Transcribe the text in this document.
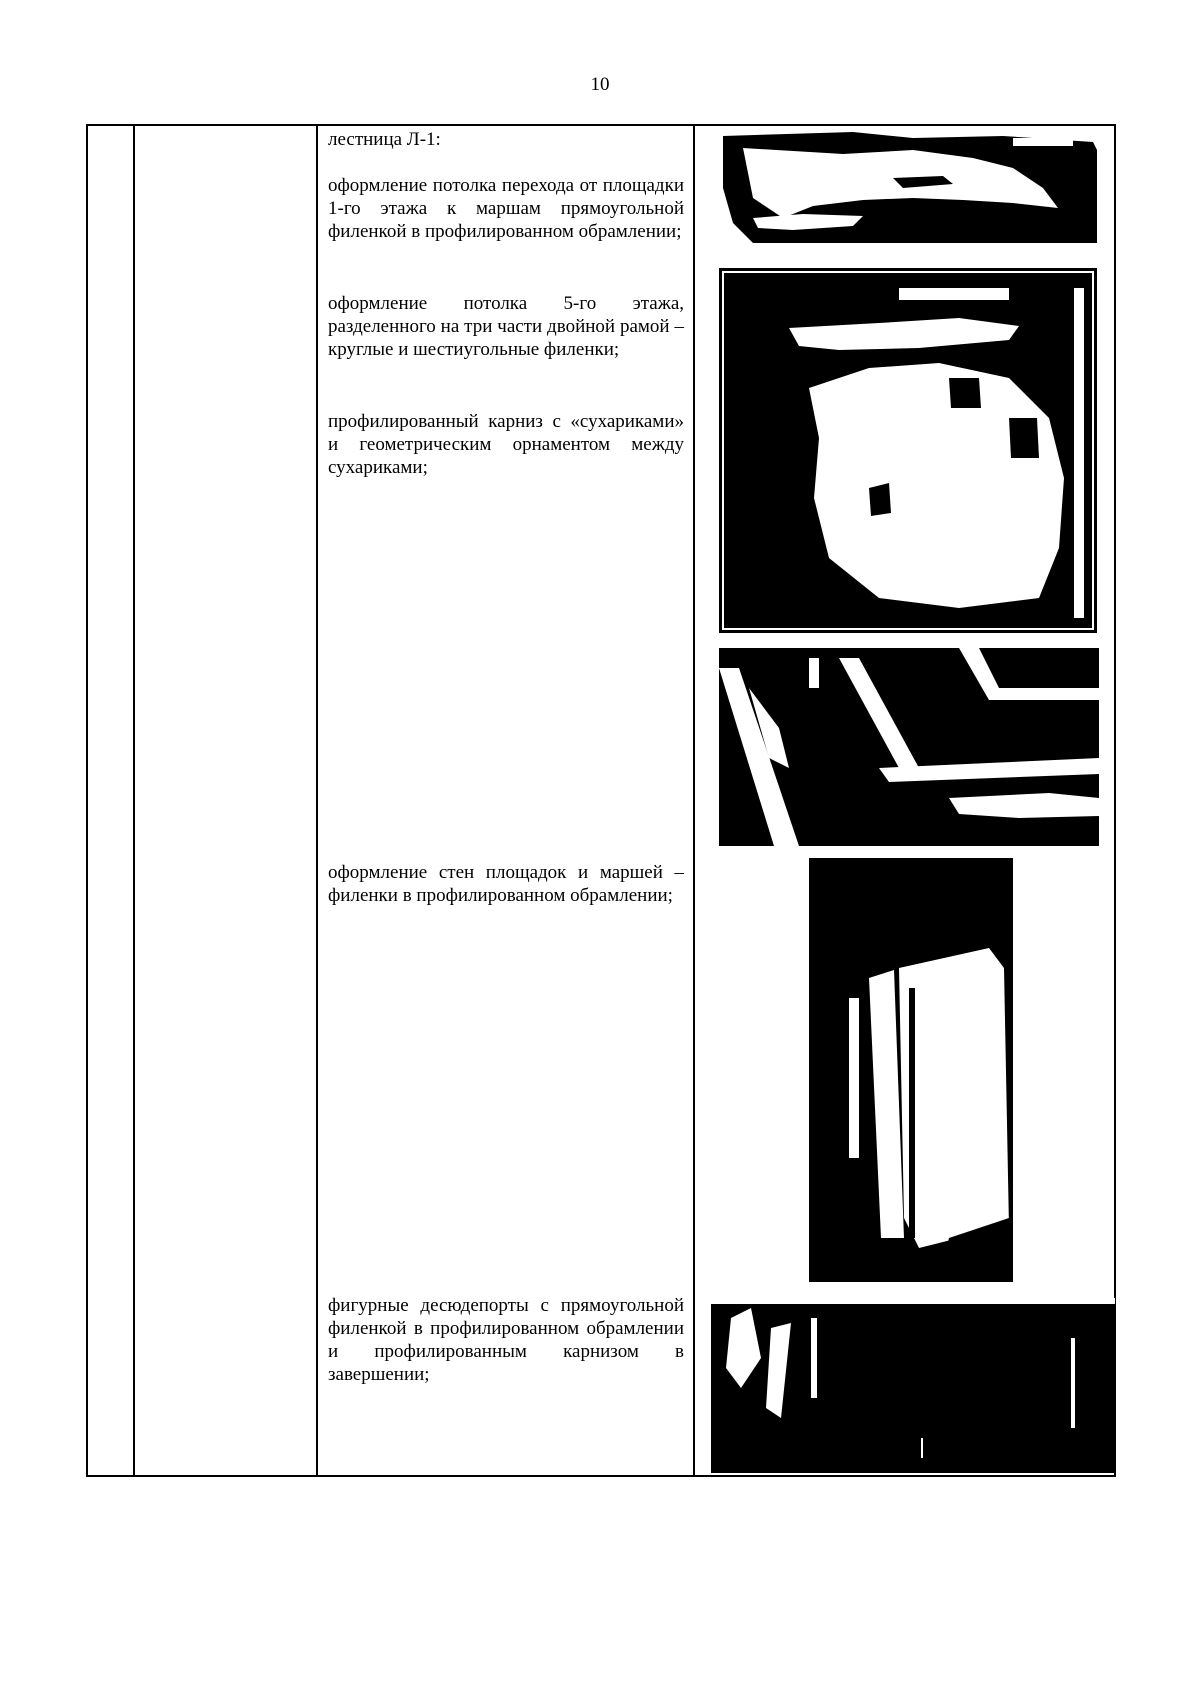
10
лестница Л-1:
оформление потолка перехода от площадки 1-го этажа к маршам прямоугольной филенкой в профилированном обрамлении;
оформление потолка 5-го этажа, разделенного на три части двойной рамой – круглые и шестиугольные филенки;
профилированный карниз с «сухариками» и геометрическим орнаментом между сухариками;
оформление стен площадок и маршей – филенки в профилированном обрамлении;
фигурные десюдепорты с прямоугольной филенкой в профилированном обрамлении и профилированным карнизом в завершении;
